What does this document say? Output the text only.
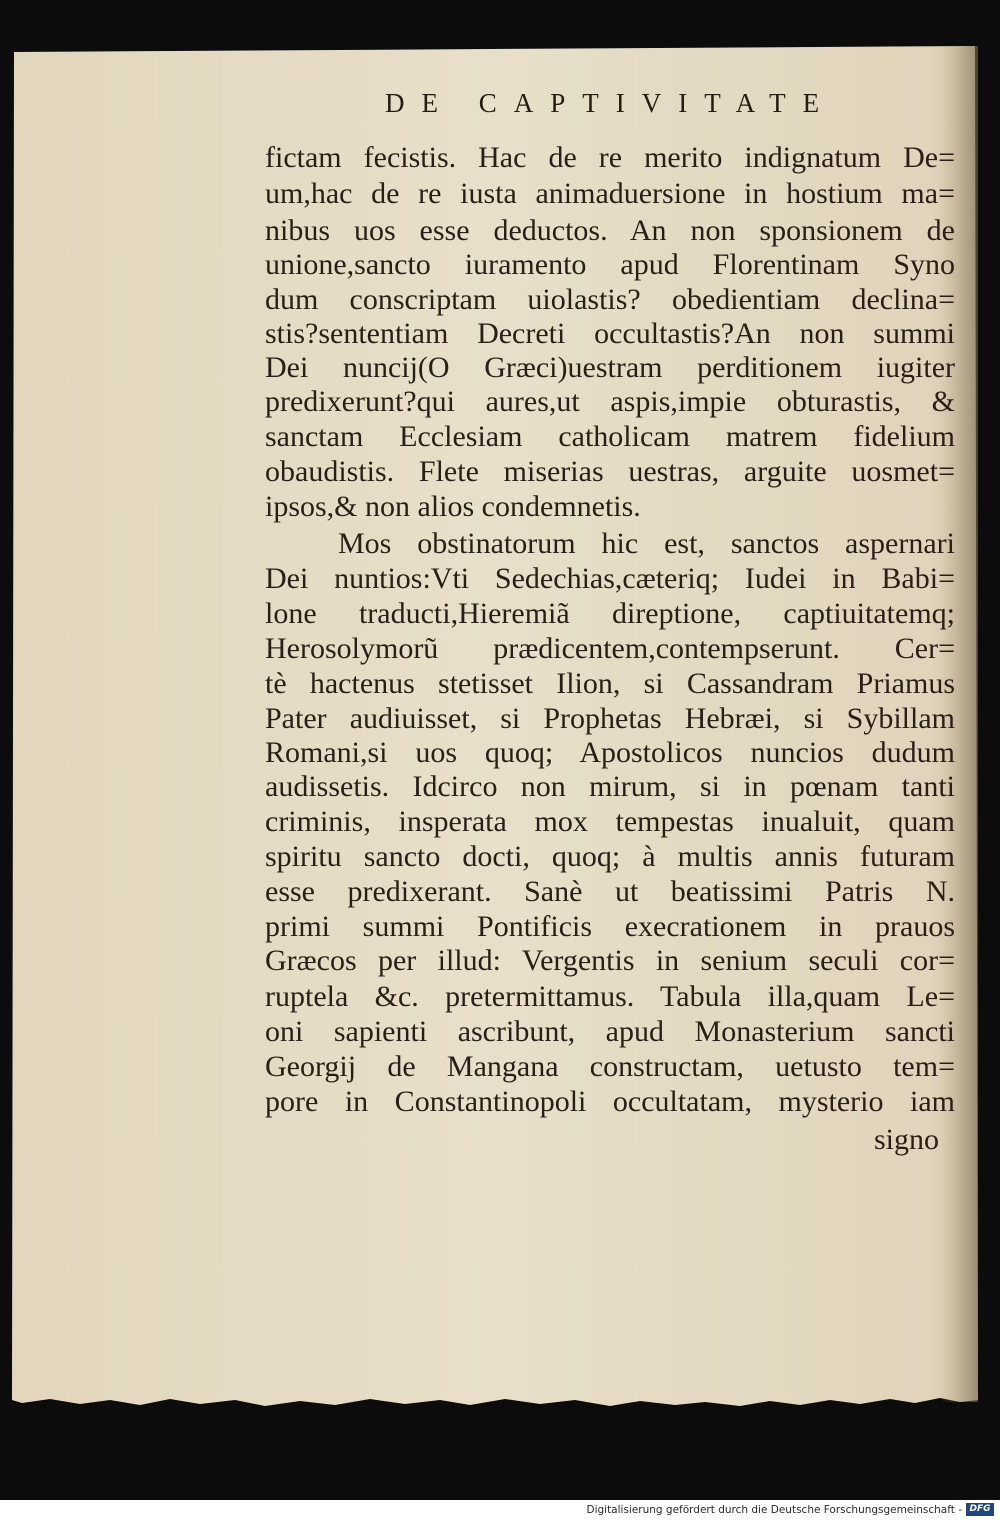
DE CAPTIVITATE
fictam fecistis. Hac de re merito indignatum De=
um,hac de re iusta animaduersione in hostium ma=
nibus uos esse deductos. An non sponsionem de
unione,sancto iuramento apud Florentinam Syno
dum conscriptam uiolastis? obedientiam declina=
stis?sententiam Decreti occultastis?An non summi
Dei nuncij(O Græci)uestram perditionem iugiter
predixerunt?qui aures,ut aspis,impie obturastis, &
sanctam Ecclesiam catholicam matrem fidelium
obaudistis. Flete miserias uestras, arguite uosmet=
ipsos,& non alios condemnetis.
Mos obstinatorum hic est, sanctos aspernari
Dei nuntios:Vti Sedechias,cæteriq; Iudei in Babi=
lone traducti,Hieremiã direptione, captiuitatemq;
Herosolymorũ prædicentem,contempserunt. Cer=
tè hactenus stetisset Ilion, si Cassandram Priamus
Pater audiuisset, si Prophetas Hebræi, si Sybillam
Romani,si uos quoq; Apostolicos nuncios dudum
audissetis. Idcirco non mirum, si in pœnam tanti
criminis, insperata mox tempestas inualuit, quam
spiritu sancto docti, quoq; à multis annis futuram
esse predixerant. Sanè ut beatissimi Patris N.
primi summi Pontificis execrationem in prauos
Græcos per illud: Vergentis in senium seculi cor=
ruptela &c. pretermittamus. Tabula illa,quam Le=
oni sapienti ascribunt, apud Monasterium sancti
Georgij de Mangana constructam, uetusto tem=
pore in Constantinopoli occultatam, mysterio iam
signo
Digitalisierung gefördert durch die Deutsche Forschungsgemeinschaft - DFG
